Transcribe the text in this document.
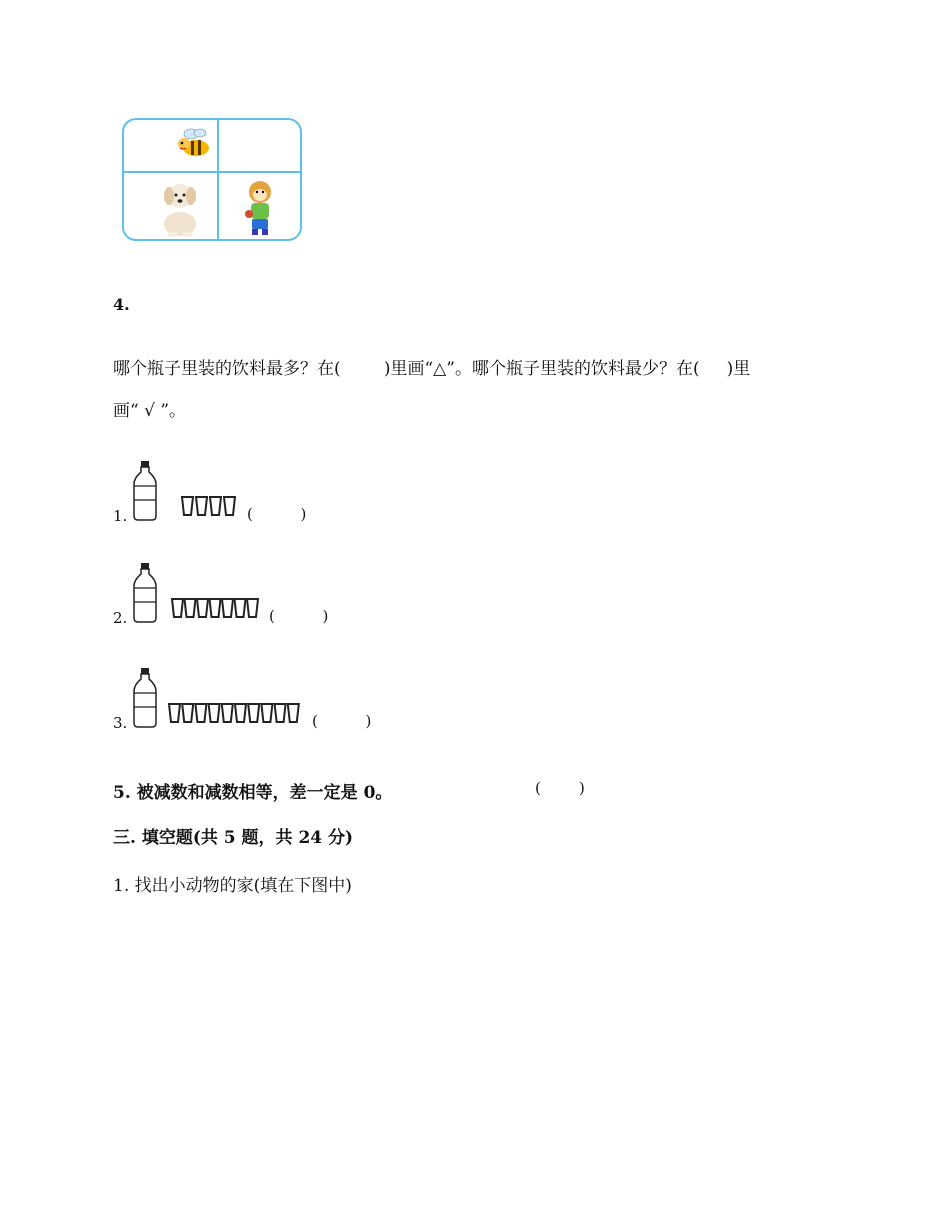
4.
哪个瓶子里装的饮料最多？在(        )里画“△”。哪个瓶子里装的饮料最少？在(     )里
画“ √ ”。
1.	(          )
2.	(          )
3.	(          )
5. 被减数和减数相等，差一定是 0。	(        )
三. 填空题(共 5 题，共 24 分)
1. 找出小动物的家(填在下图中)
